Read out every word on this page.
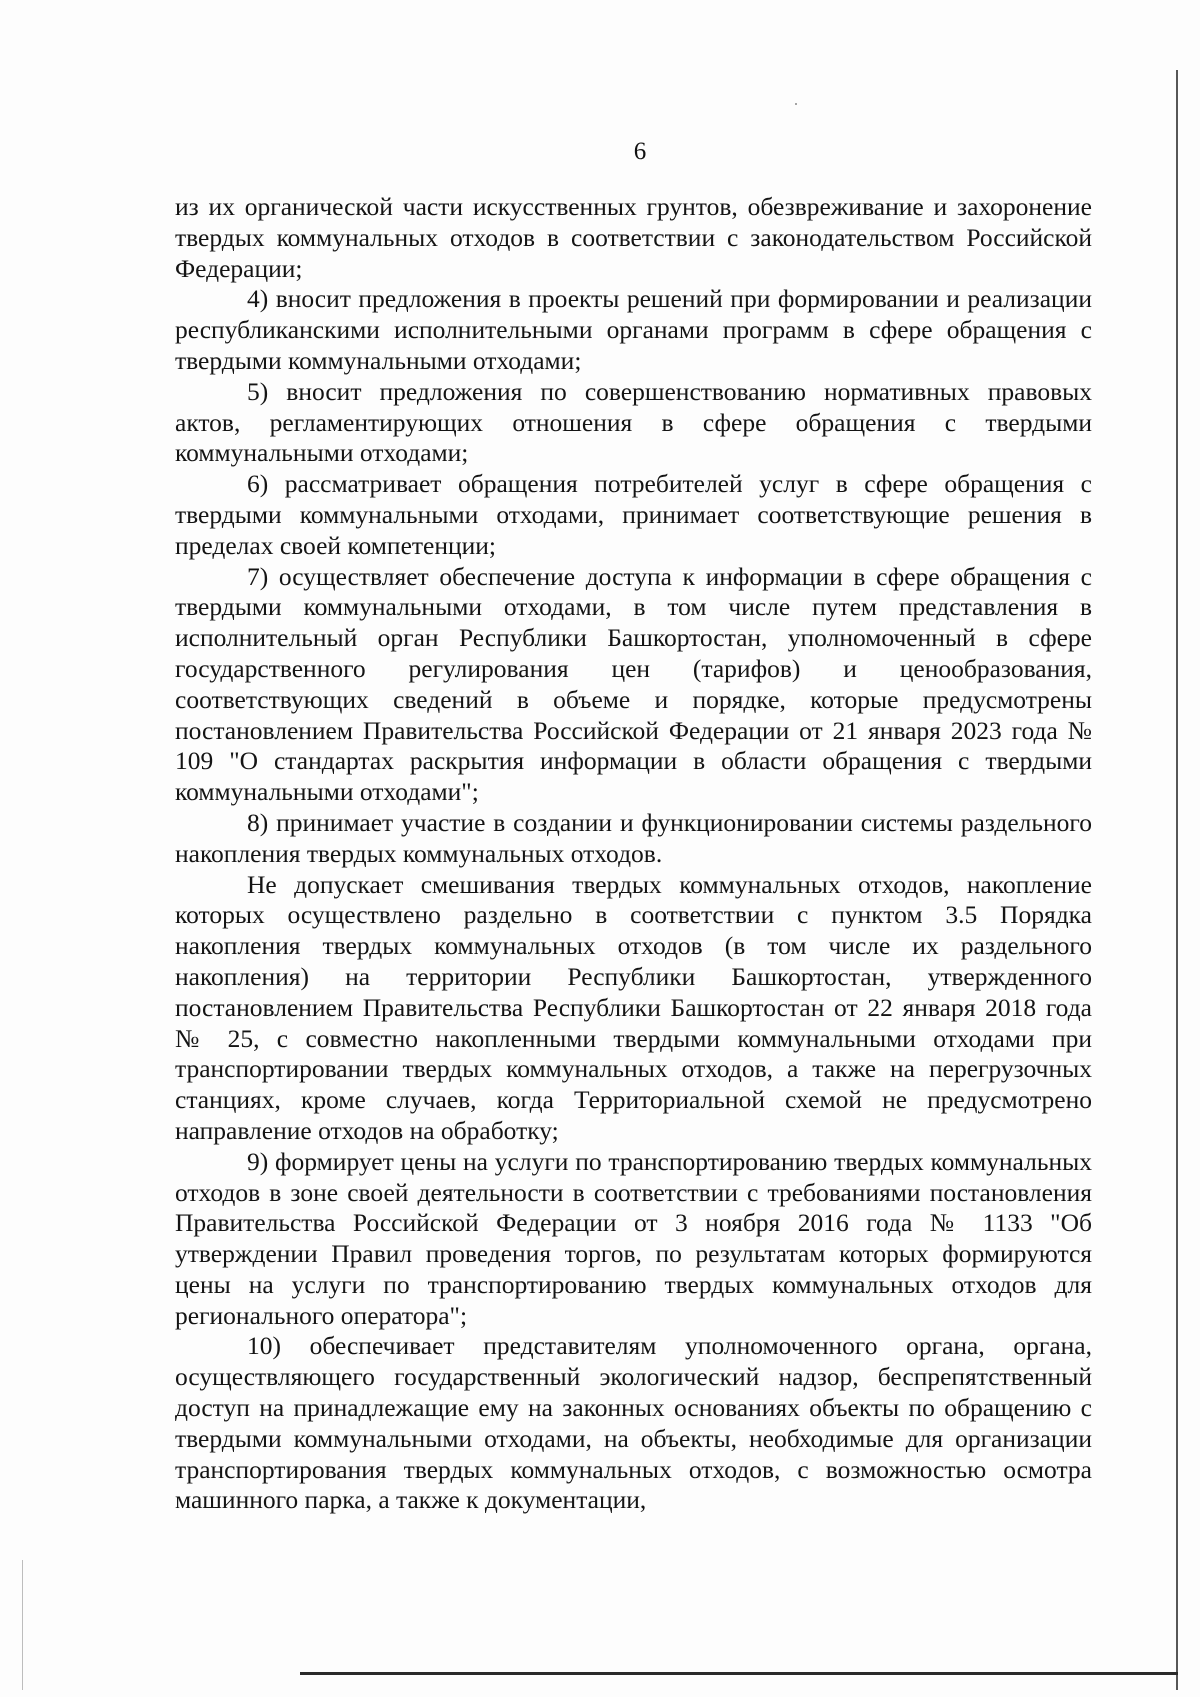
6

из их органической части искусственных грунтов, обезвреживание и захоронение твердых коммунальных отходов в соответствии с законодательством Российской Федерации;

4) вносит предложения в проекты решений при формировании и реализации республиканскими исполнительными органами программ в сфере обращения с твердыми коммунальными отходами;

5) вносит предложения по совершенствованию нормативных правовых актов, регламентирующих отношения в сфере обращения с твердыми коммунальными отходами;

6) рассматривает обращения потребителей услуг в сфере обращения с твердыми коммунальными отходами, принимает соответствующие решения в пределах своей компетенции;

7) осуществляет обеспечение доступа к информации в сфере обращения с твердыми коммунальными отходами, в том числе путем представления в исполнительный орган Республики Башкортостан, уполномоченный в сфере государственного регулирования цен (тарифов) и ценообразования, соответствующих сведений в объеме и порядке, которые предусмотрены постановлением Правительства Российской Федерации от 21 января 2023 года № 109 "О стандартах раскрытия информации в области обращения с твердыми коммунальными отходами";

8) принимает участие в создании и функционировании системы раздельного накопления твердых коммунальных отходов.

Не допускает смешивания твердых коммунальных отходов, накопление которых осуществлено раздельно в соответствии с пунктом 3.5 Порядка накопления твердых коммунальных отходов (в том числе их раздельного накопления) на территории Республики Башкортостан, утвержденного постановлением Правительства Республики Башкортостан от 22 января 2018 года № 25, с совместно накопленными твердыми коммунальными отходами при транспортировании твердых коммунальных отходов, а также на перегрузочных станциях, кроме случаев, когда Территориальной схемой не предусмотрено направление отходов на обработку;

9) формирует цены на услуги по транспортированию твердых коммунальных отходов в зоне своей деятельности в соответствии с требованиями постановления Правительства Российской Федерации от 3 ноября 2016 года № 1133 "Об утверждении Правил проведения торгов, по результатам которых формируются цены на услуги по транспортированию твердых коммунальных отходов для регионального оператора";

10) обеспечивает представителям уполномоченного органа, органа, осуществляющего государственный экологический надзор, беспрепятственный доступ на принадлежащие ему на законных основаниях объекты по обращению с твердыми коммунальными отходами, на объекты, необходимые для организации транспортирования твердых коммунальных отходов, с возможностью осмотра машинного парка, а также к документации,
